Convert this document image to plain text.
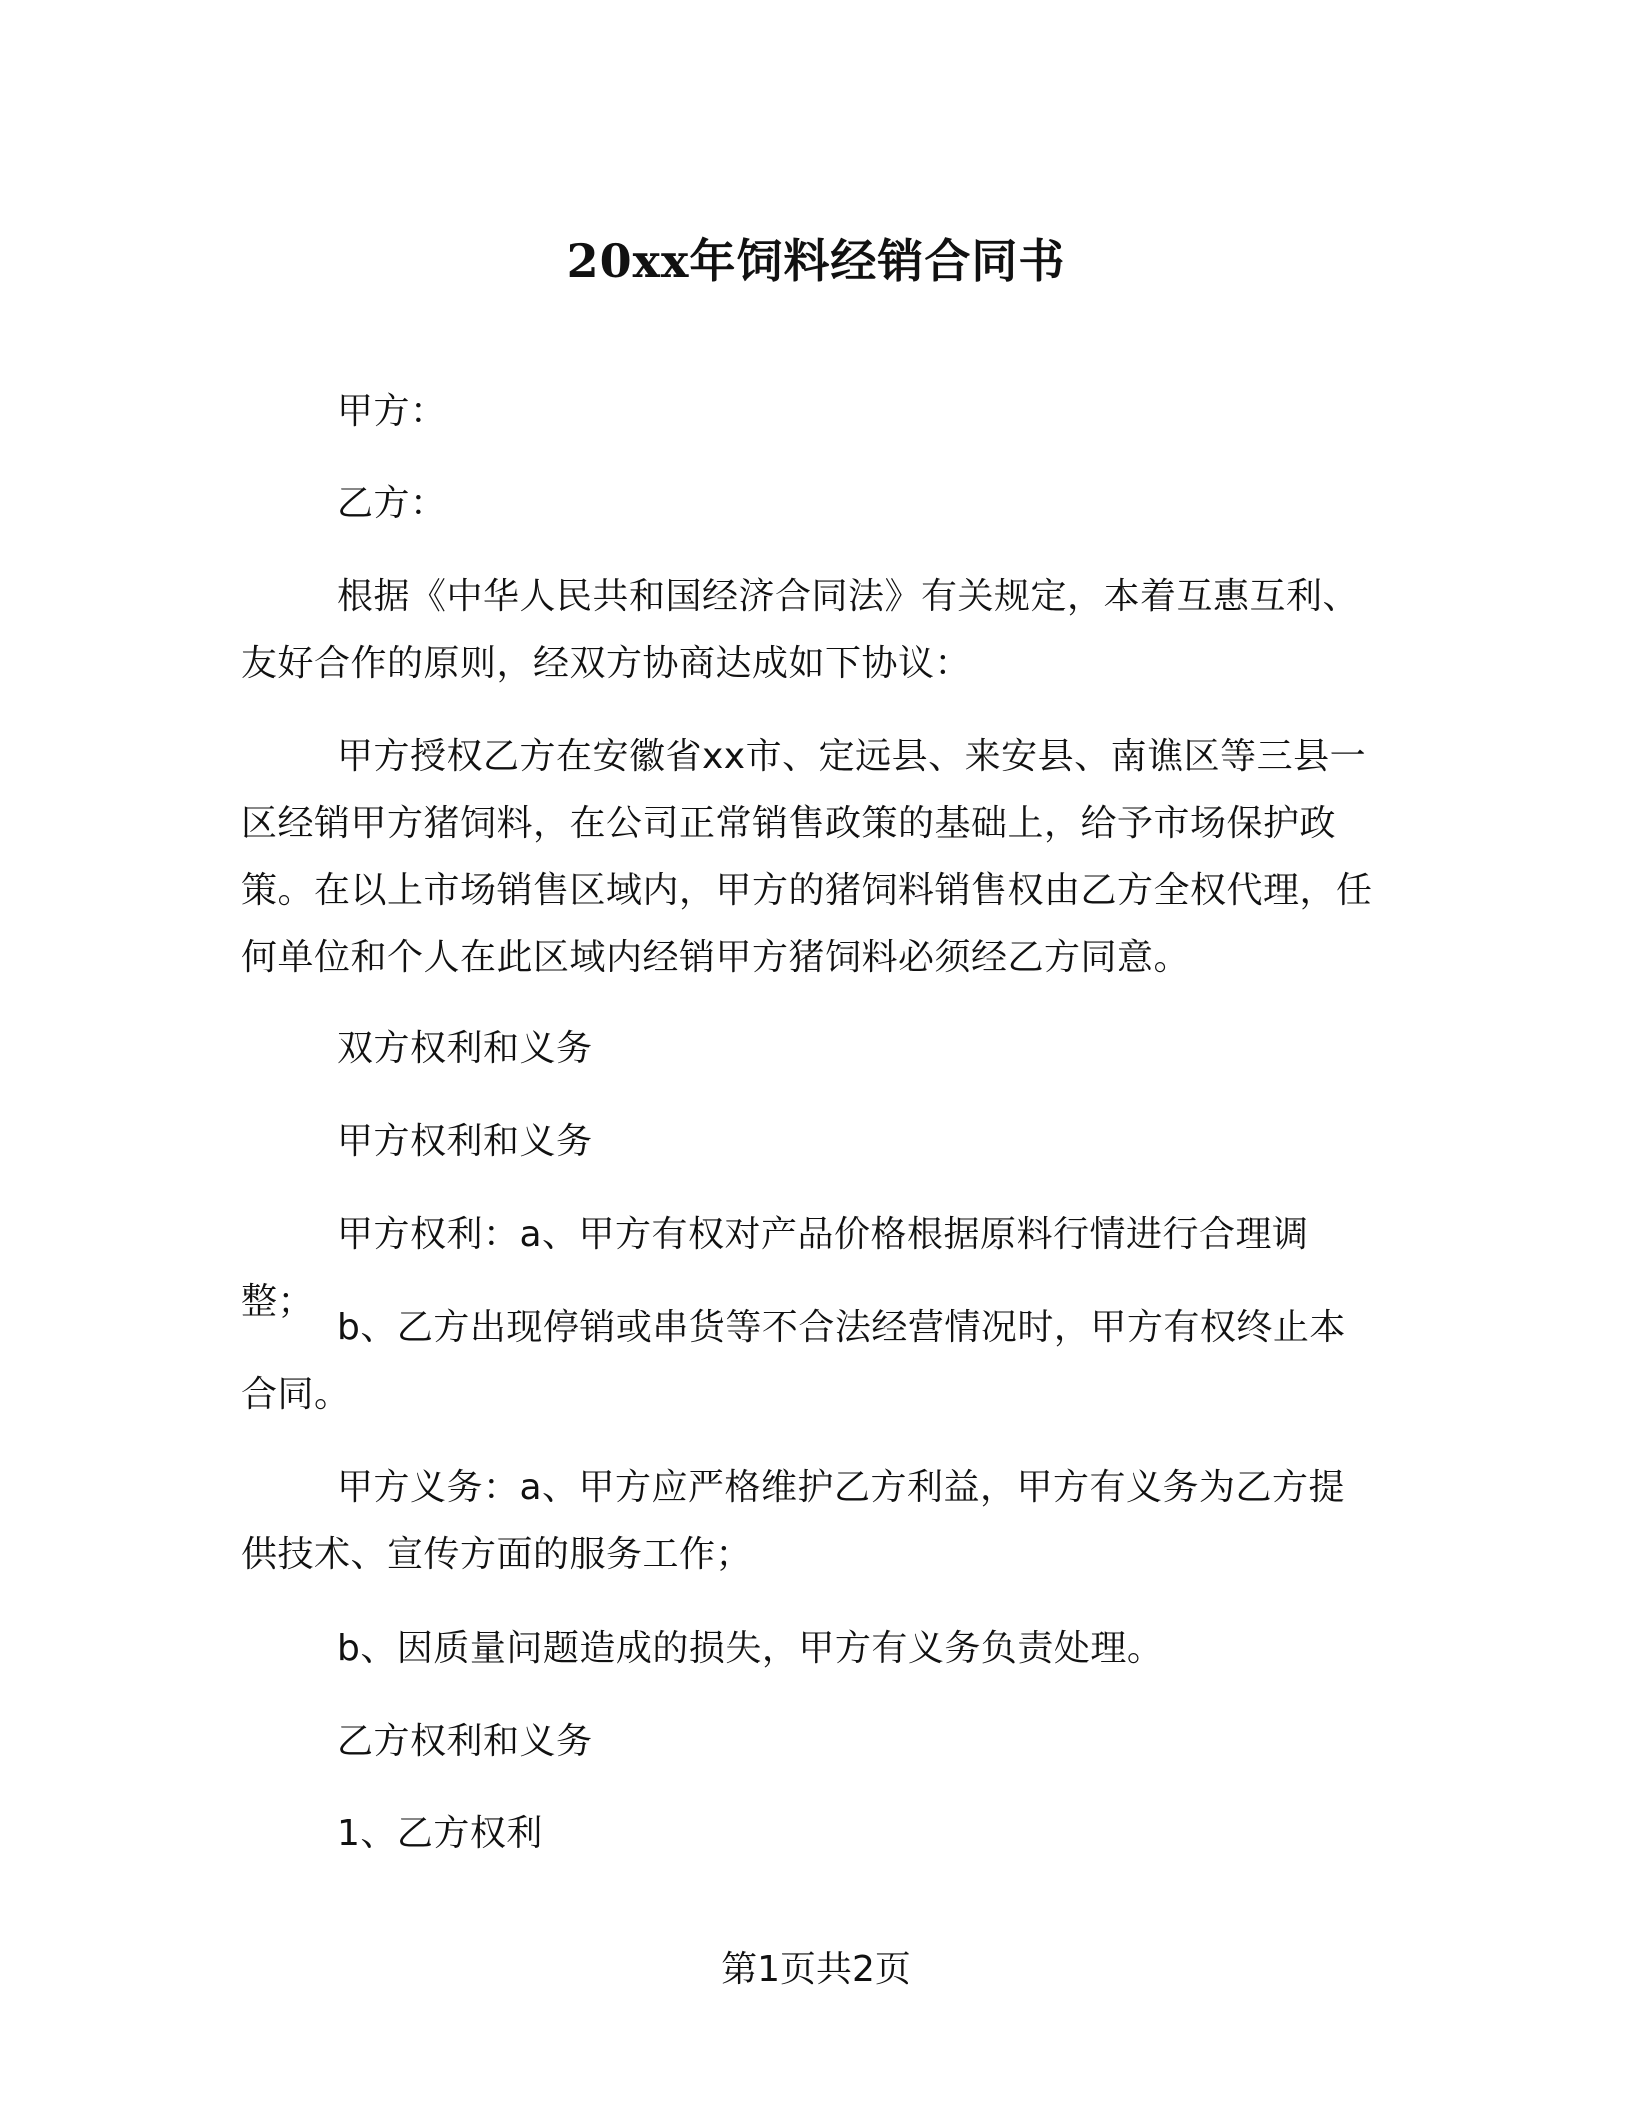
20xx年饲料经销合同书

甲方：

乙方：

根据《中华人民共和国经济合同法》有关规定，本着互惠互利、友好合作的原则，经双方协商达成如下协议：

甲方授权乙方在安徽省xx市、定远县、来安县、南谯区等三县一区经销甲方猪饲料，在公司正常销售政策的基础上，给予市场保护政策。在以上市场销售区域内，甲方的猪饲料销售权由乙方全权代理，任何单位和个人在此区域内经销甲方猪饲料必须经乙方同意。

双方权利和义务

甲方权利和义务

甲方权利：a、甲方有权对产品价格根据原料行情进行合理调整；

b、乙方出现停销或串货等不合法经营情况时，甲方有权终止本合同。

甲方义务：a、甲方应严格维护乙方利益，甲方有义务为乙方提供技术、宣传方面的服务工作；

b、因质量问题造成的损失，甲方有义务负责处理。

乙方权利和义务

1、乙方权利

第1页共2页
